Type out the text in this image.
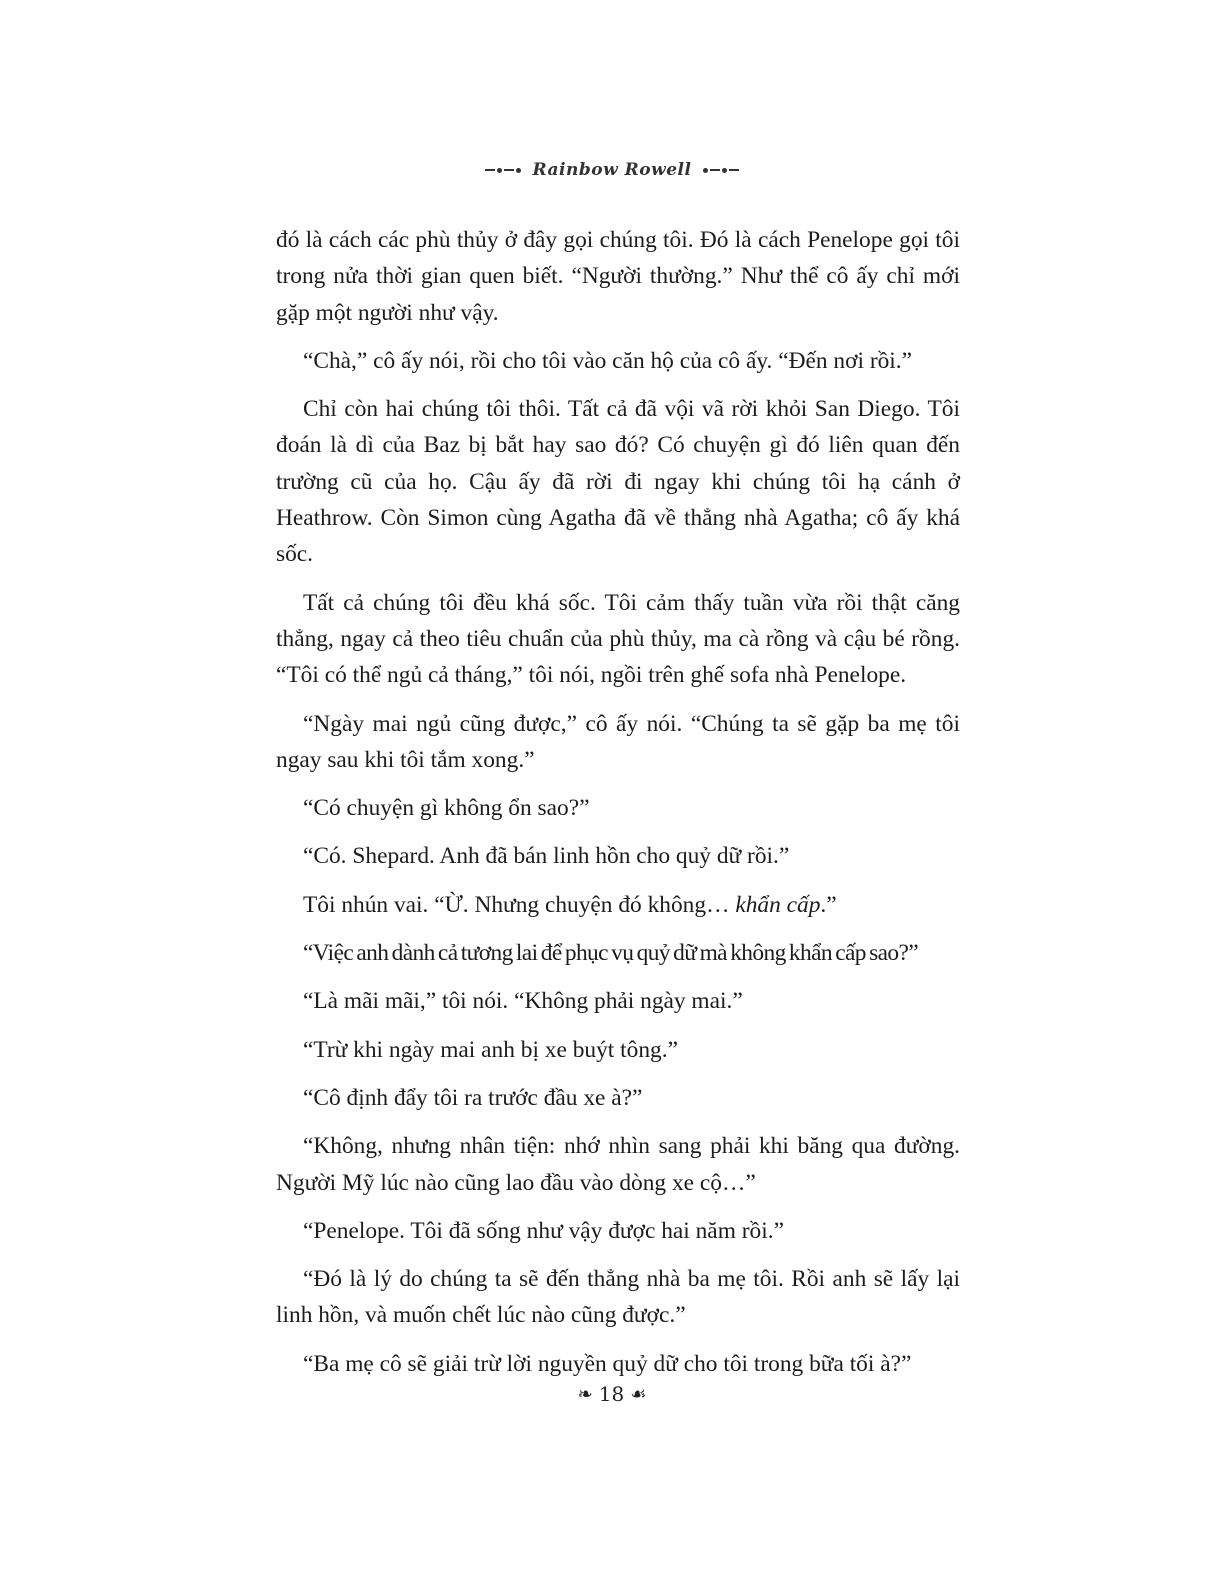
Rainbow Rowell

đó là cách các phù thủy ở đây gọi chúng tôi. Đó là cách Penelope gọi tôi trong nửa thời gian quen biết. “Người thường.” Như thể cô ấy chỉ mới gặp một người như vậy.

“Chà,” cô ấy nói, rồi cho tôi vào căn hộ của cô ấy. “Đến nơi rồi.”

Chỉ còn hai chúng tôi thôi. Tất cả đã vội vã rời khỏi San Diego. Tôi đoán là dì của Baz bị bắt hay sao đó? Có chuyện gì đó liên quan đến trường cũ của họ. Cậu ấy đã rời đi ngay khi chúng tôi hạ cánh ở Heathrow. Còn Simon cùng Agatha đã về thẳng nhà Agatha; cô ấy khá sốc.

Tất cả chúng tôi đều khá sốc. Tôi cảm thấy tuần vừa rồi thật căng thẳng, ngay cả theo tiêu chuẩn của phù thủy, ma cà rồng và cậu bé rồng. “Tôi có thể ngủ cả tháng,” tôi nói, ngồi trên ghế sofa nhà Penelope.

“Ngày mai ngủ cũng được,” cô ấy nói. “Chúng ta sẽ gặp ba mẹ tôi ngay sau khi tôi tắm xong.”

“Có chuyện gì không ổn sao?”

“Có. Shepard. Anh đã bán linh hồn cho quỷ dữ rồi.”

Tôi nhún vai. “Ừ. Nhưng chuyện đó không… khẩn cấp.”

“Việc anh dành cả tương lai để phục vụ quỷ dữ mà không khẩn cấp sao?”

“Là mãi mãi,” tôi nói. “Không phải ngày mai.”

“Trừ khi ngày mai anh bị xe buýt tông.”

“Cô định đẩy tôi ra trước đầu xe à?”

“Không, nhưng nhân tiện: nhớ nhìn sang phải khi băng qua đường. Người Mỹ lúc nào cũng lao đầu vào dòng xe cộ…”

“Penelope. Tôi đã sống như vậy được hai năm rồi.”

“Đó là lý do chúng ta sẽ đến thẳng nhà ba mẹ tôi. Rồi anh sẽ lấy lại linh hồn, và muốn chết lúc nào cũng được.”

“Ba mẹ cô sẽ giải trừ lời nguyền quỷ dữ cho tôi trong bữa tối à?”

❧ 18 ☙
